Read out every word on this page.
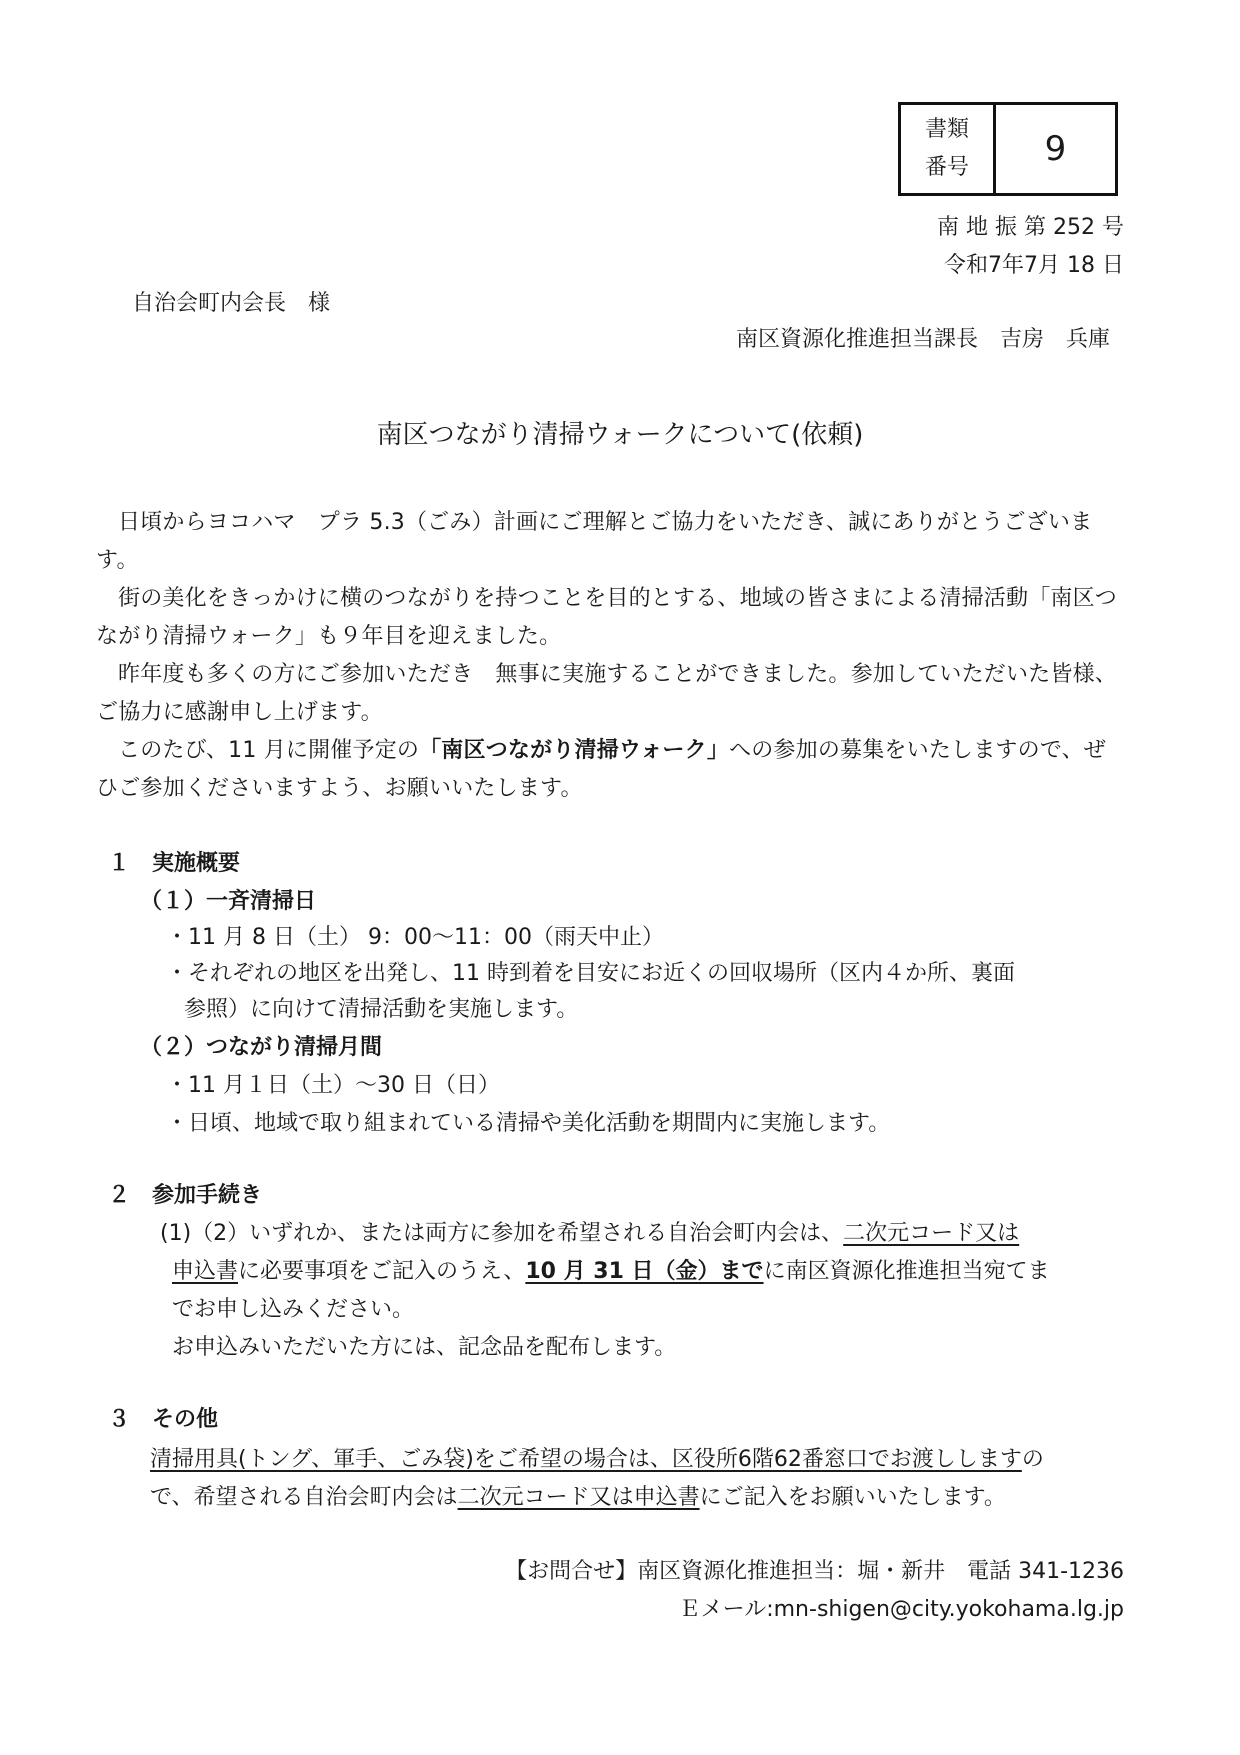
書類
番号	9
南 地 振 第 252 号
令和7年7月 18 日
自治会町内会長　様
南区資源化推進担当課長　吉房　兵庫
南区つながり清掃ウォークについて(依頼)

日頃からヨコハマ　プラ 5.3（ごみ）計画にご理解とご協力をいただき、誠にありがとうございます。

街の美化をきっかけに横のつながりを持つことを目的とする、地域の皆さまによる清掃活動「南区つながり清掃ウォーク」も９年目を迎えました。

昨年度も多くの方にご参加いただき　無事に実施することができました。参加していただいた皆様、ご協力に感謝申し上げます。

このたび、11 月に開催予定の「南区つながり清掃ウォーク」への参加の募集をいたしますので、ぜひご参加くださいますよう、お願いいたします。

１　実施概要
（１）一斉清掃日
・11 月 8 日（土） 9：00～11：00（雨天中止）
・それぞれの地区を出発し、11 時到着を目安にお近くの回収場所（区内４か所、裏面
参照）に向けて清掃活動を実施します。
（２）つながり清掃月間
・11 月１日（土）～30 日（日）
・日頃、地域で取り組まれている清掃や美化活動を期間内に実施します。
２　参加手続き
(1)（2）いずれか、または両方に参加を希望される自治会町内会は、二次元コード又は
申込書に必要事項をご記入のうえ、10 月 31 日（金）までに南区資源化推進担当宛てま
でお申し込みください。
お申込みいただいた方には、記念品を配布します。
３　その他
清掃用具(トング、軍手、ごみ袋)をご希望の場合は、区役所6階62番窓口でお渡ししますの
で、希望される自治会町内会は二次元コード又は申込書にご記入をお願いいたします。
【お問合せ】南区資源化推進担当：堀・新井　電話 341-1236
Ｅメール:mn-shigen@city.yokohama.lg.jp
